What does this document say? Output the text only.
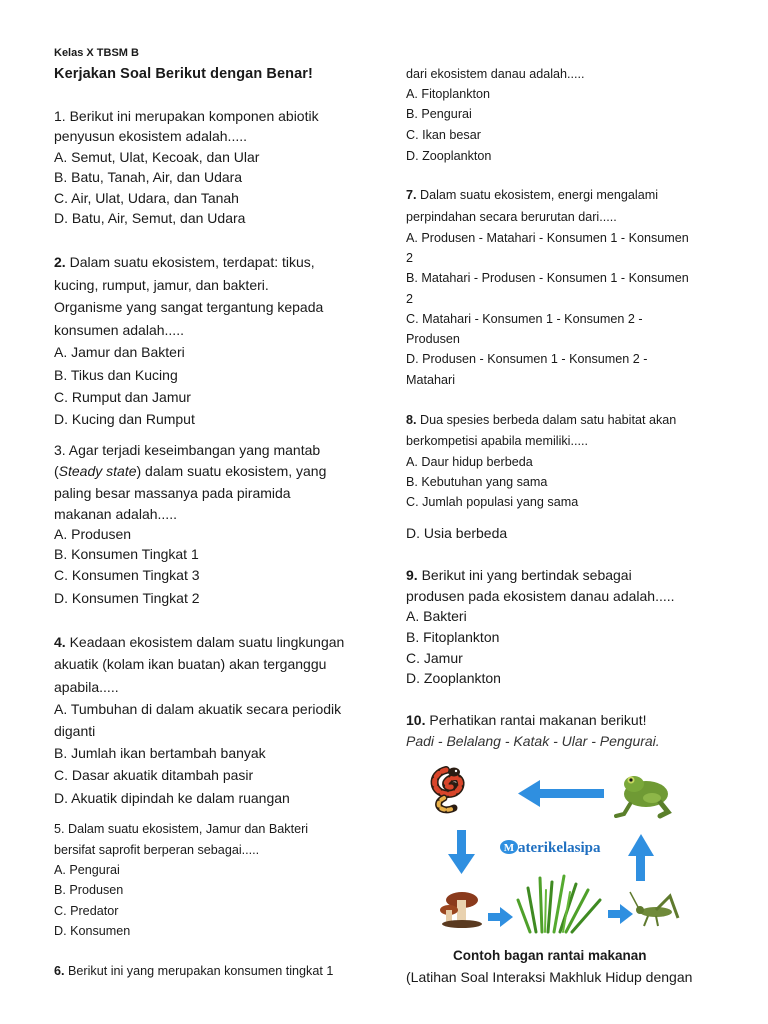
Kelas X TBSM B
Kerjakan Soal Berikut dengan Benar!
1. Berikut ini merupakan komponen abiotik
penyusun ekosistem adalah.....
A. Semut, Ulat, Kecoak, dan Ular
B. Batu, Tanah, Air, dan Udara
C. Air, Ulat, Udara, dan Tanah
D. Batu, Air, Semut, dan Udara
2. Dalam suatu ekosistem, terdapat: tikus,
kucing, rumput, jamur, dan bakteri.
Organisme yang sangat tergantung kepada
konsumen adalah.....
A. Jamur dan Bakteri
B. Tikus dan Kucing
C. Rumput dan Jamur
D. Kucing dan Rumput
3. Agar terjadi keseimbangan yang mantab
(Steady state) dalam suatu ekosistem, yang
paling besar massanya pada piramida
makanan adalah.....
A. Produsen
B. Konsumen Tingkat 1
C. Konsumen Tingkat 3
D. Konsumen Tingkat 2
4. Keadaan ekosistem dalam suatu lingkungan
akuatik (kolam ikan buatan) akan terganggu
apabila.....
A. Tumbuhan di dalam akuatik secara periodik
diganti
B. Jumlah ikan bertambah banyak
C. Dasar akuatik ditambah pasir
D. Akuatik dipindah ke dalam ruangan
5. Dalam suatu ekosistem, Jamur dan Bakteri
bersifat saprofit berperan sebagai.....
A. Pengurai
B. Produsen
C. Predator
D. Konsumen
6. Berikut ini yang merupakan konsumen tingkat 1
dari ekosistem danau adalah.....
A. Fitoplankton
B. Pengurai
C. Ikan besar
D. Zooplankton
7. Dalam suatu ekosistem, energi mengalami
perpindahan secara berurutan dari.....
A. Produsen - Matahari - Konsumen 1 - Konsumen
2
B. Matahari - Produsen - Konsumen 1 - Konsumen
2
C. Matahari - Konsumen 1 - Konsumen 2 -
Produsen
D. Produsen - Konsumen 1 - Konsumen 2 -
Matahari
8. Dua spesies berbeda dalam satu habitat akan
berkompetisi apabila memiliki.....
A. Daur hidup berbeda
B. Kebutuhan yang sama
C. Jumlah populasi yang sama
D. Usia berbeda
9. Berikut ini yang bertindak sebagai
produsen pada ekosistem danau adalah.....
A. Bakteri
B. Fitoplankton
C. Jamur
D. Zooplankton
10. Perhatikan rantai makanan berikut!
Padi - Belalang - Katak - Ular - Pengurai.
M aterikelasipa
Contoh bagan rantai makanan
(Latihan Soal Interaksi Makhluk Hidup dengan
